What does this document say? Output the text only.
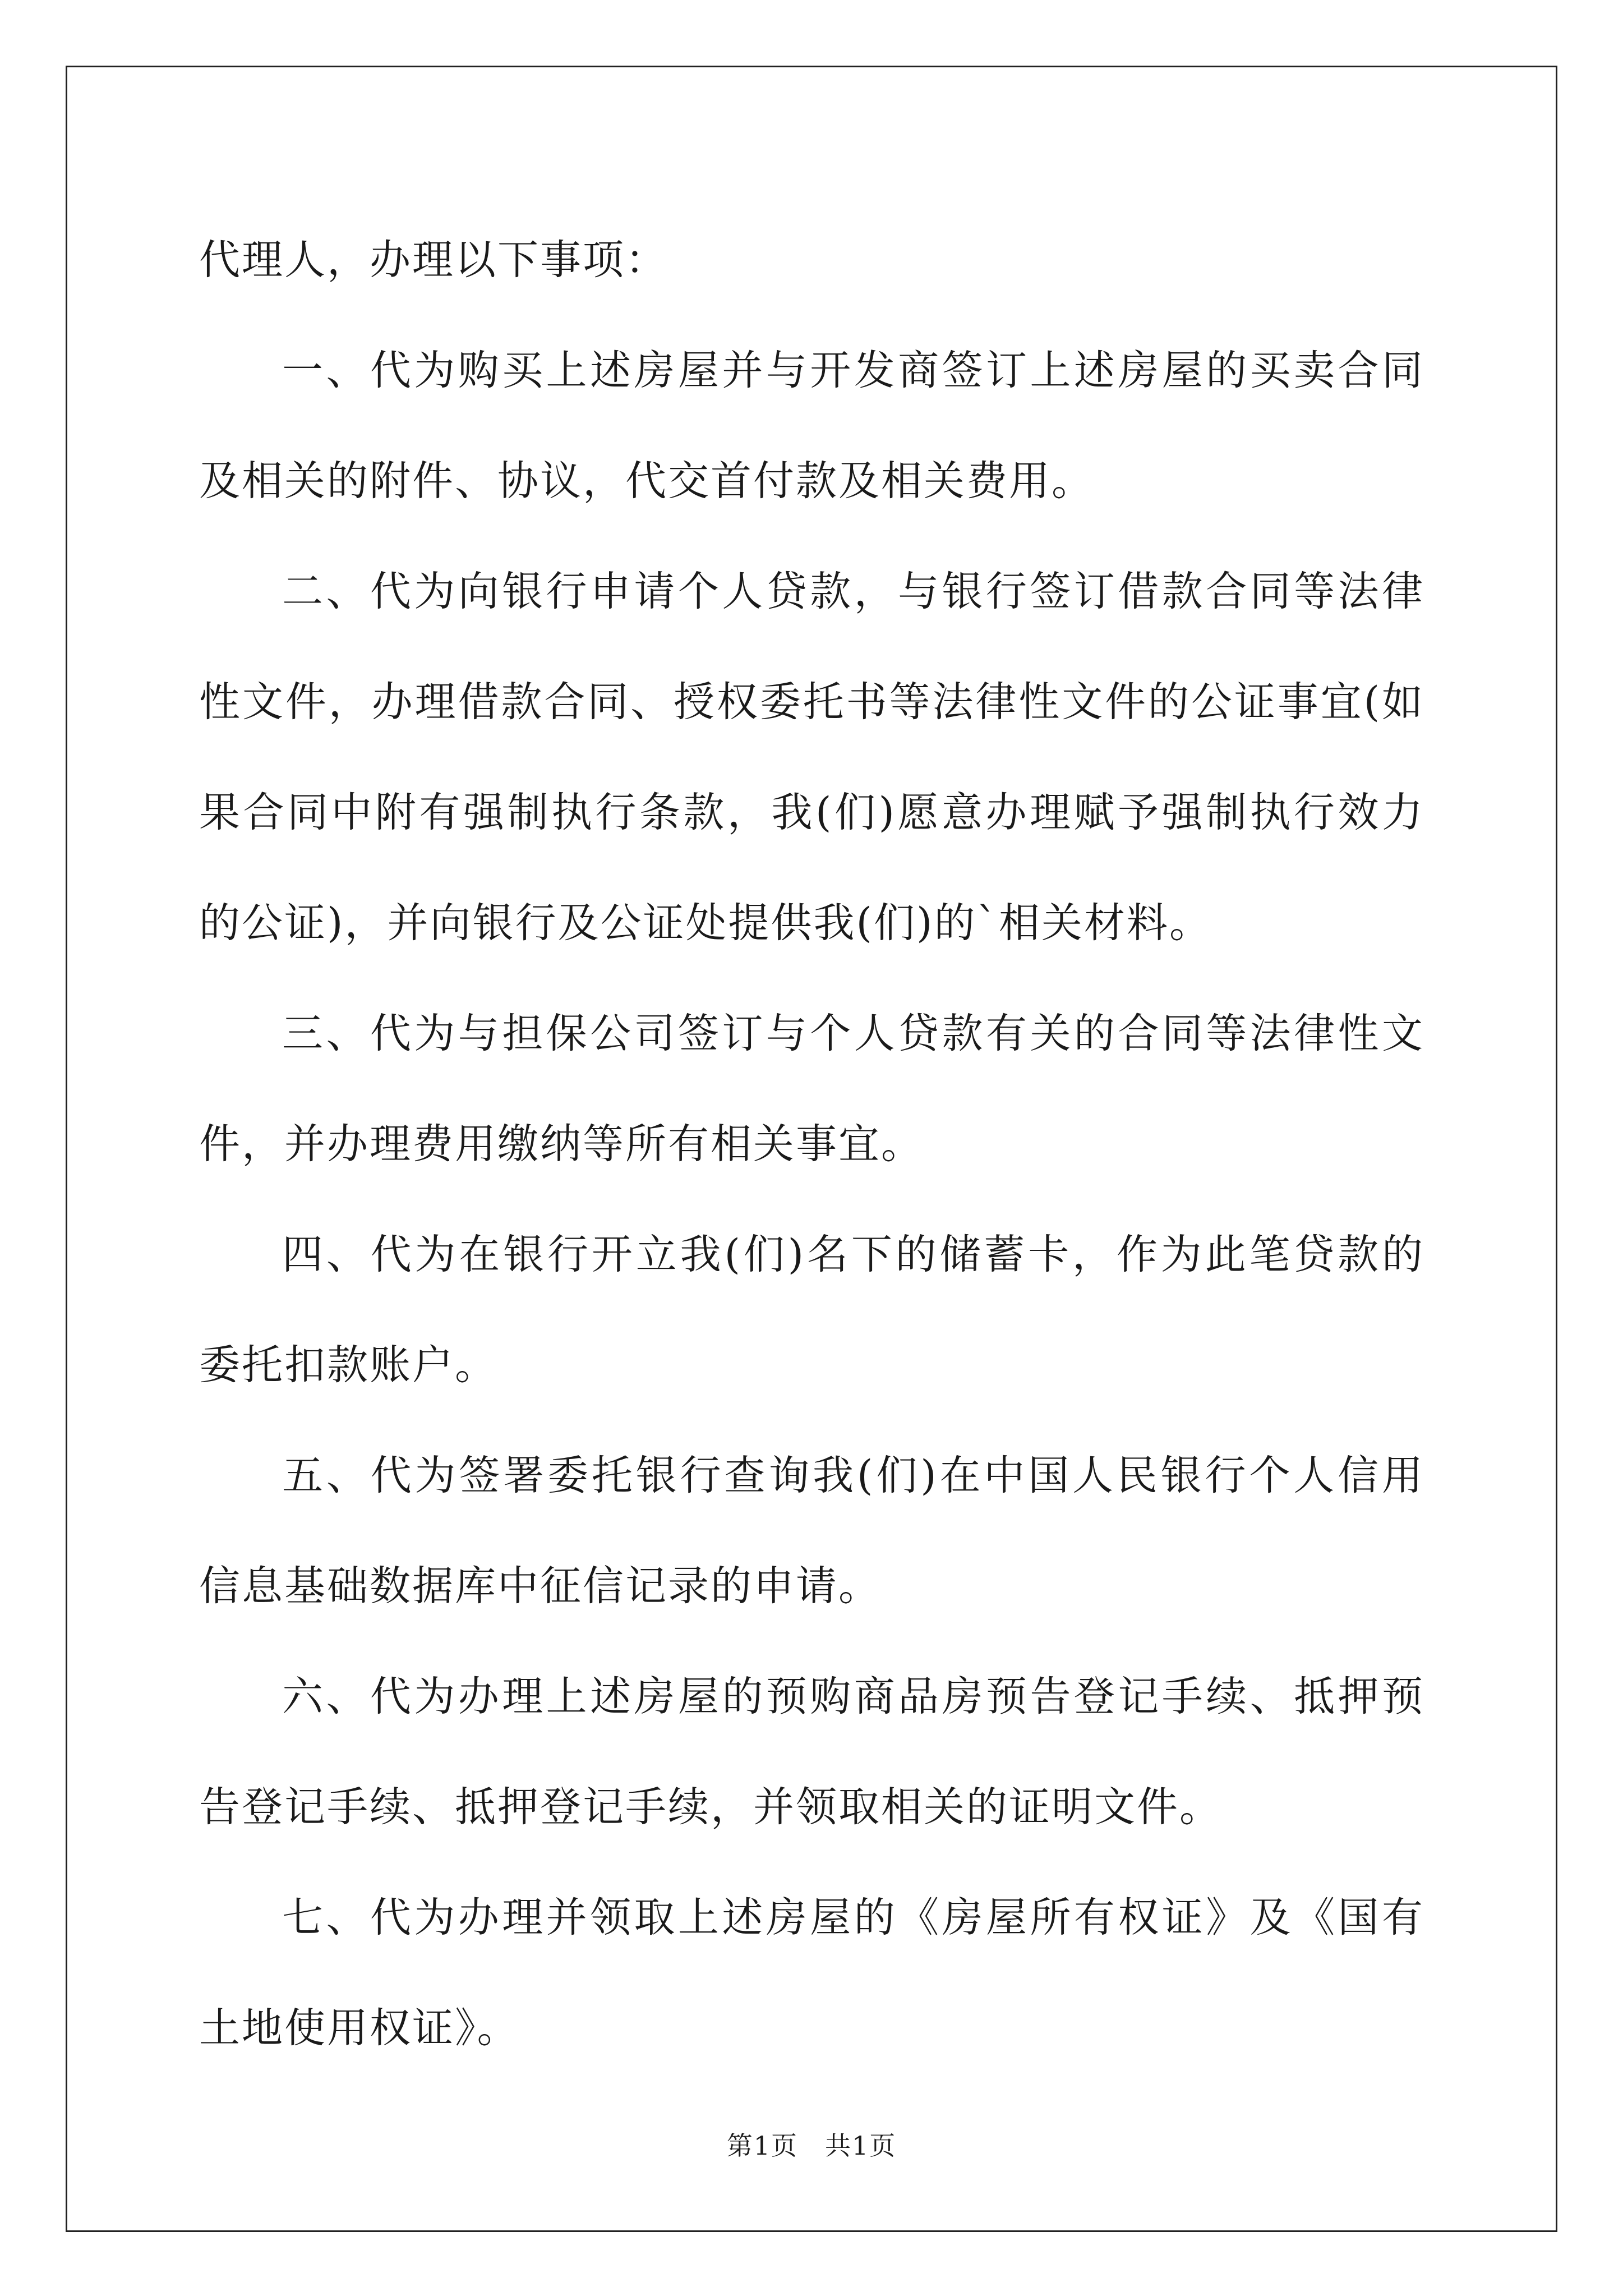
代理人，办理以下事项：

一、代为购买上述房屋并与开发商签订上述房屋的买卖合同及相关的附件、协议，代交首付款及相关费用。

二、代为向银行申请个人贷款，与银行签订借款合同等法律性文件，办理借款合同、授权委托书等法律性文件的公证事宜(如果合同中附有强制执行条款，我(们)愿意办理赋予强制执行效力的公证)，并向银行及公证处提供我(们)的`相关材料。

三、代为与担保公司签订与个人贷款有关的合同等法律性文件，并办理费用缴纳等所有相关事宜。

四、代为在银行开立我(们)名下的储蓄卡，作为此笔贷款的委托扣款账户。

五、代为签署委托银行查询我(们)在中国人民银行个人信用信息基础数据库中征信记录的申请。

六、代为办理上述房屋的预购商品房预告登记手续、抵押预告登记手续、抵押登记手续，并领取相关的证明文件。

七、代为办理并领取上述房屋的《房屋所有权证》及《国有土地使用权证》。

第1页　共1页
